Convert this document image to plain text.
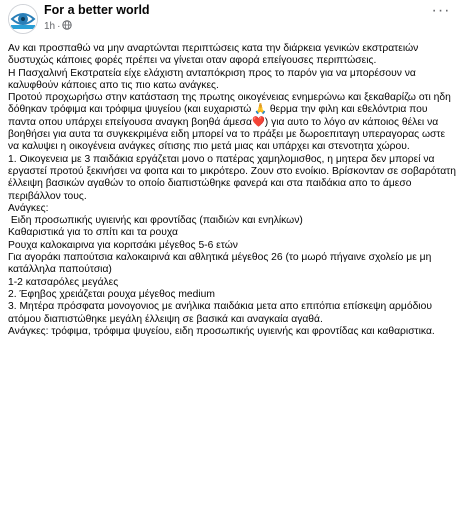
For a better world
1h ·
···

Αν και προσπαθώ να μην αναρτώνται περιπτώσεις κατα την διάρκεια γενικών εκστρατειών δυστυχώς κάποιες φορές πρέπει να γίνεται οταν αφορά επείγουσες περιπτώσεις.

Η Πασχαλινή Εκστρατεία είχε ελάχιστη ανταπόκριση προς το παρόν για να μπορέσουν να καλυφθούν κάποιες απο τις πιο κατω ανάγκες.

Προτού προχωρήσω στην κατάσταση της πρωτης οικογένειας ενημερώνω και ξεκαθαρίζω οτι ηδη δόθηκαν τρόφιμα και τρόφιμα ψυγείου (και ευχαριστώ 🙏 θερμα την φιλη και εθελόντρια που παντα οπου υπάρχει επείγουσα αναγκη βοηθά άμεσα❤️) για αυτο το λόγο αν κάποιος θέλει να βοηθήσει για αυτα τα συγκεκριμένα ειδη μπορεί να το πράξει με δωροεπιταγη υπεραγορας ωστε να καλυψει η οικογένεια ανάγκες σίτισης πιο μετά μιας και υπάρχει και στενοτητα χώρου.

1. Οικογενεια με 3 παιδάκια εργάζεται μονο ο πατέρας χαμηλομισθος, η μητερα δεν μπορεί να εργαστεί προτού ξεκινήσει να φοιτα και το μικρότερο. Ζουν στο ενοίκιο. Βρίσκονταν σε σοβαρότατη έλλειψη βασικών αγαθών το οποίο διαπιστώθηκε φανερά και στα παιδάκια απο το άμεσο περιβάλλον τους.

Ανάγκες:

Ειδη προσωπικής υγιεινής και φροντίδας (παιδιών και ενηλίκων)

Καθαριστικά για το σπίτι και τα ρουχα

Ρουχα καλοκαιρινα για κοριτσάκι μέγεθος 5-6 ετών

Για αγοράκι παπούτσια καλοκαιρινά και αθλητικά μέγεθος 26 (το μωρό πήγαινε σχολείο με μη κατάλληλα παπούτσια)

1-2 κατσαρόλες μεγάλες

2. Έφηβος χρειάζεται ρουχα μέγεθος medium

3. Μητέρα πρόσφατα μονογονιος με ανήλικα παιδάκια μετα απο επιτόπια επίσκεψη αρμόδιου ατόμου διαπιστώθηκε μεγάλη έλλειψη σε βασικά και αναγκαία αγαθά.

Ανάγκες: τρόφιμα, τρόφιμα ψυγείου, ειδη προσωπικής υγιεινής και φροντίδας και καθαριστικα.
